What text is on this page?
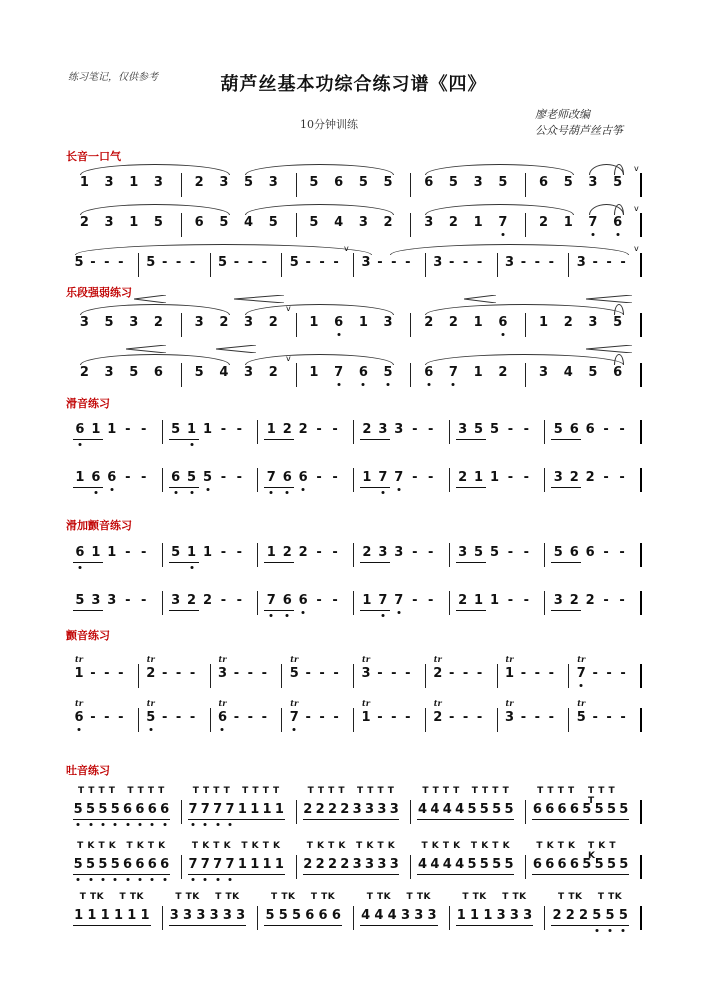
练习笔记，仅供参考	葫芦丝基本功综合练习谱《四》
10分钟训练
廖老师改编
公众号葫芦丝古筝
长音一口气
乐段强弱练习
滑音练习
滑加颤音练习
颤音练习
吐音练习
1 3 1 3 2 3 5 3 5 6 5 5 6 5 3 5 6 5 3 5
v
2 3 1 5 6 5 4 5 5 4 3 2 3 2 1 7 2 1 7 6
v
5 - - - 5 - - - 5 - - - 5 - - - 3 - - - 3 - - - 3 - - - 3 - - -
v	v
3 5 3 2 3 2 3 2 1 6 1 3 2 2 1 6 1 2 3 5
v
2 3 5 6 5 4 3 2 1 7 6 5 6 7 1 2 3 4 5 6
v
6 1 1 - - 5 1 1 - - 1 2 2 - - 2 3 3 - - 3 5 5 - - 5 6 6 - -
1 6 6 - - 6 5 5 - - 7 6 6 - - 1 7 7 - - 2 1 1 - - 3 2 2 - -
6 1 1 - - 5 1 1 - - 1 2 2 - - 2 3 3 - - 3 5 5 - - 5 6 6 - -
5 3 3 - - 3 2 2 - - 7 6 6 - - 1 7 7 - - 2 1 1 - - 3 2 2 - -
1 - - -
tr
2 - - -
tr
3 - - -
tr
5 - - -
tr
3 - - -
tr
2 - - -
tr
1 - - -
tr
7 - - -
tr
6 - - -
tr
5 - - -
tr
6 - - -
tr
7 - - -
tr
1 - - -
tr
2 - - -
tr
3 - - -
tr
5 - - -
tr
5 5 5 5 6 6 6 6
T T T T T T T T
7 7 7 7 1 1 1 1
T T T T T T T T
2 2 2 2 3 3 3 3
T T T T T T T T
4 4 4 4 5 5 5 5
T T T T T T T T
6 6 6 6 5 5 5 5
T T T T T T T T
5 5 5 5 6 6 6 6
T K T K T K T K
7 7 7 7 1 1 1 1
T K T K T K T K
2 2 2 2 3 3 3 3
T K T K T K T K
4 4 4 4 5 5 5 5
T K T K T K T K
6 6 6 6 5 5 5 5
T K T K T K T K
1 1 1 1 1 1
T TK T TK
3 3 3 3 3 3
T TK T TK
5 5 5 6 6 6
T TK T TK
4 4 4 3 3 3
T TK T TK
1 1 1 3 3 3
T TK T TK
2 2 2 5 5 5
T TK T TK
